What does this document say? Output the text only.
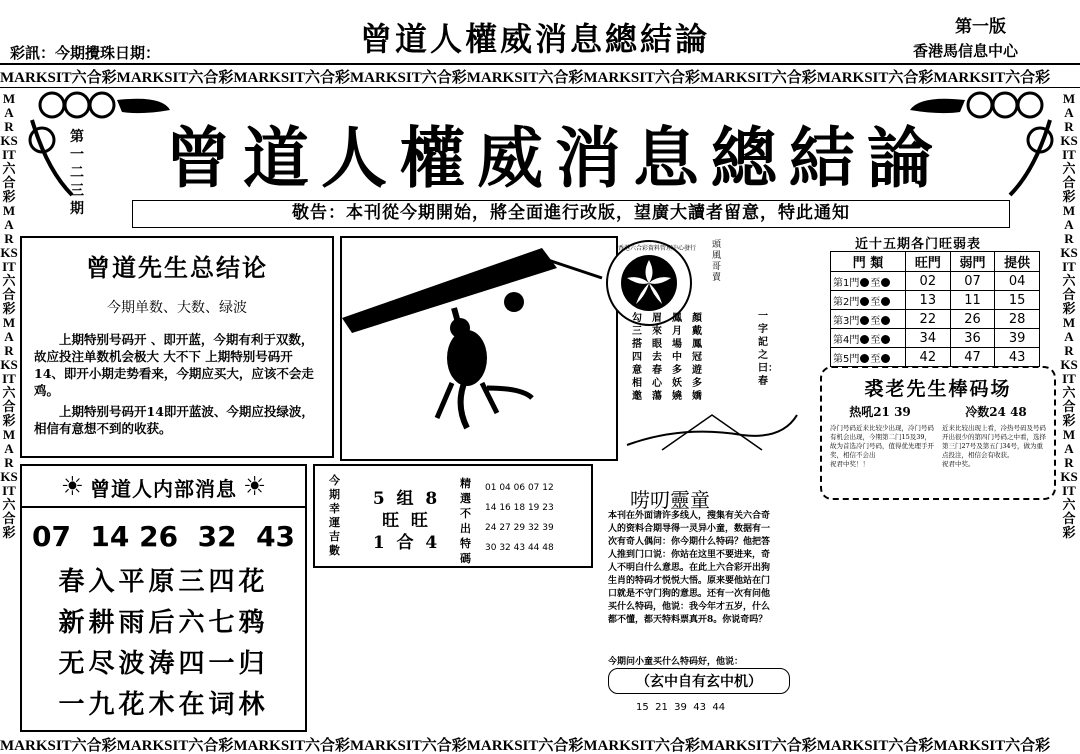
彩訊：今期攪珠日期：	曾道人權威消息總結論	第一版
香港馬信息中心
MARKSIT六合彩MARKSIT六合彩MARKSIT六合彩MARKSIT六合彩MARKSIT六合彩MARKSIT六合彩MARKSIT六合彩MARKSIT六合彩MARKSIT六合彩
MARKSIT六合彩MARKSIT六合彩MARKSIT六合彩MARKSIT六合彩
MARKSIT六合彩MARKSIT六合彩MARKSIT六合彩MARKSIT六合彩
MARKSIT六合彩MARKSIT六合彩MARKSIT六合彩MARKSIT六合彩MARKSIT六合彩MARKSIT六合彩MARKSIT六合彩MARKSIT六合彩MARKSIT六合彩
第一二三期
曾道人權威消息總結論
敬告：本刊從今期開始，將全面進行改版，望廣大讀者留意，特此通知
曾道先生总结论
今期单数、大数、绿波
上期特别号码开 、即开蓝，今期有利于双数，故应投注单数机会极大 大不下 上期特别号码开14、即开小期走势看来，今期应买大，应该不会走鸡。
上期特别号码开14即开蓝波、今期应投绿波，相信有意想不到的收获。
香港六合彩資料管理中心發行 頭 風 哥 賣
顏 戴 鳳 冠 遊 多 嬌
鳳 月 場 中 多 妖 嬈
眉 來 眼 去 春 心 蕩
勾 三 搭 四 意 相 邀
一字記之曰：春
近十五期各门旺弱表
門 類	旺門	弱門	提供
第1門 至	02	07	04
第2門 至	13	11	15
第3門 至	22	26	28
第4門 至	34	36	39
第5門 至	42	47	43
裘老先生棒码场
热吼21 39	冷数24 48
冷门号码近来比较少出现，冷门号码有机会出现，今期第二门15及39，故为首选冷门号码，值得优先理手开奖，相信不会出
祝君中奖！！
近来比较出现上看，冷热号码及号码开出很少的第四门号码之中看，选择第三门27号及第五门34号，做为重点投注，相信会有收获。
祝君中奖。
☀ 曾道人内部消息 ☀
07  14 26  32  43
春入平原三四花
新耕雨后六七鸦
无尽波涛四一归
一九花木在词林
今期幸運吉數
5  组  8
旺  旺
1  合  4
精選不出特碼
01 04 06 07 12
14 16 18 19 23
24 27 29 32 39
30 32 43 44 48
唠叨靈童
本刊在外面请许多线人，搜集有关六合奇人的资料合期导得一灵异小童，数据有一次有奇人偶问：你今期什么特码？他把答人推到门口说：你站在这里不要进来，奇人不明白什么意思。在此上六合彩开出狗生肖的特码才悦悦大悟。原来要他站在门口就是不守门狗的意思。还有一次有问他买什么特码，他说：我今年才五岁，什么都不懂，都天特料票真开8。你说奇吗？
今期问小童买什么特码好，他说：
（玄中自有玄中机）
15  21  39  43  44
